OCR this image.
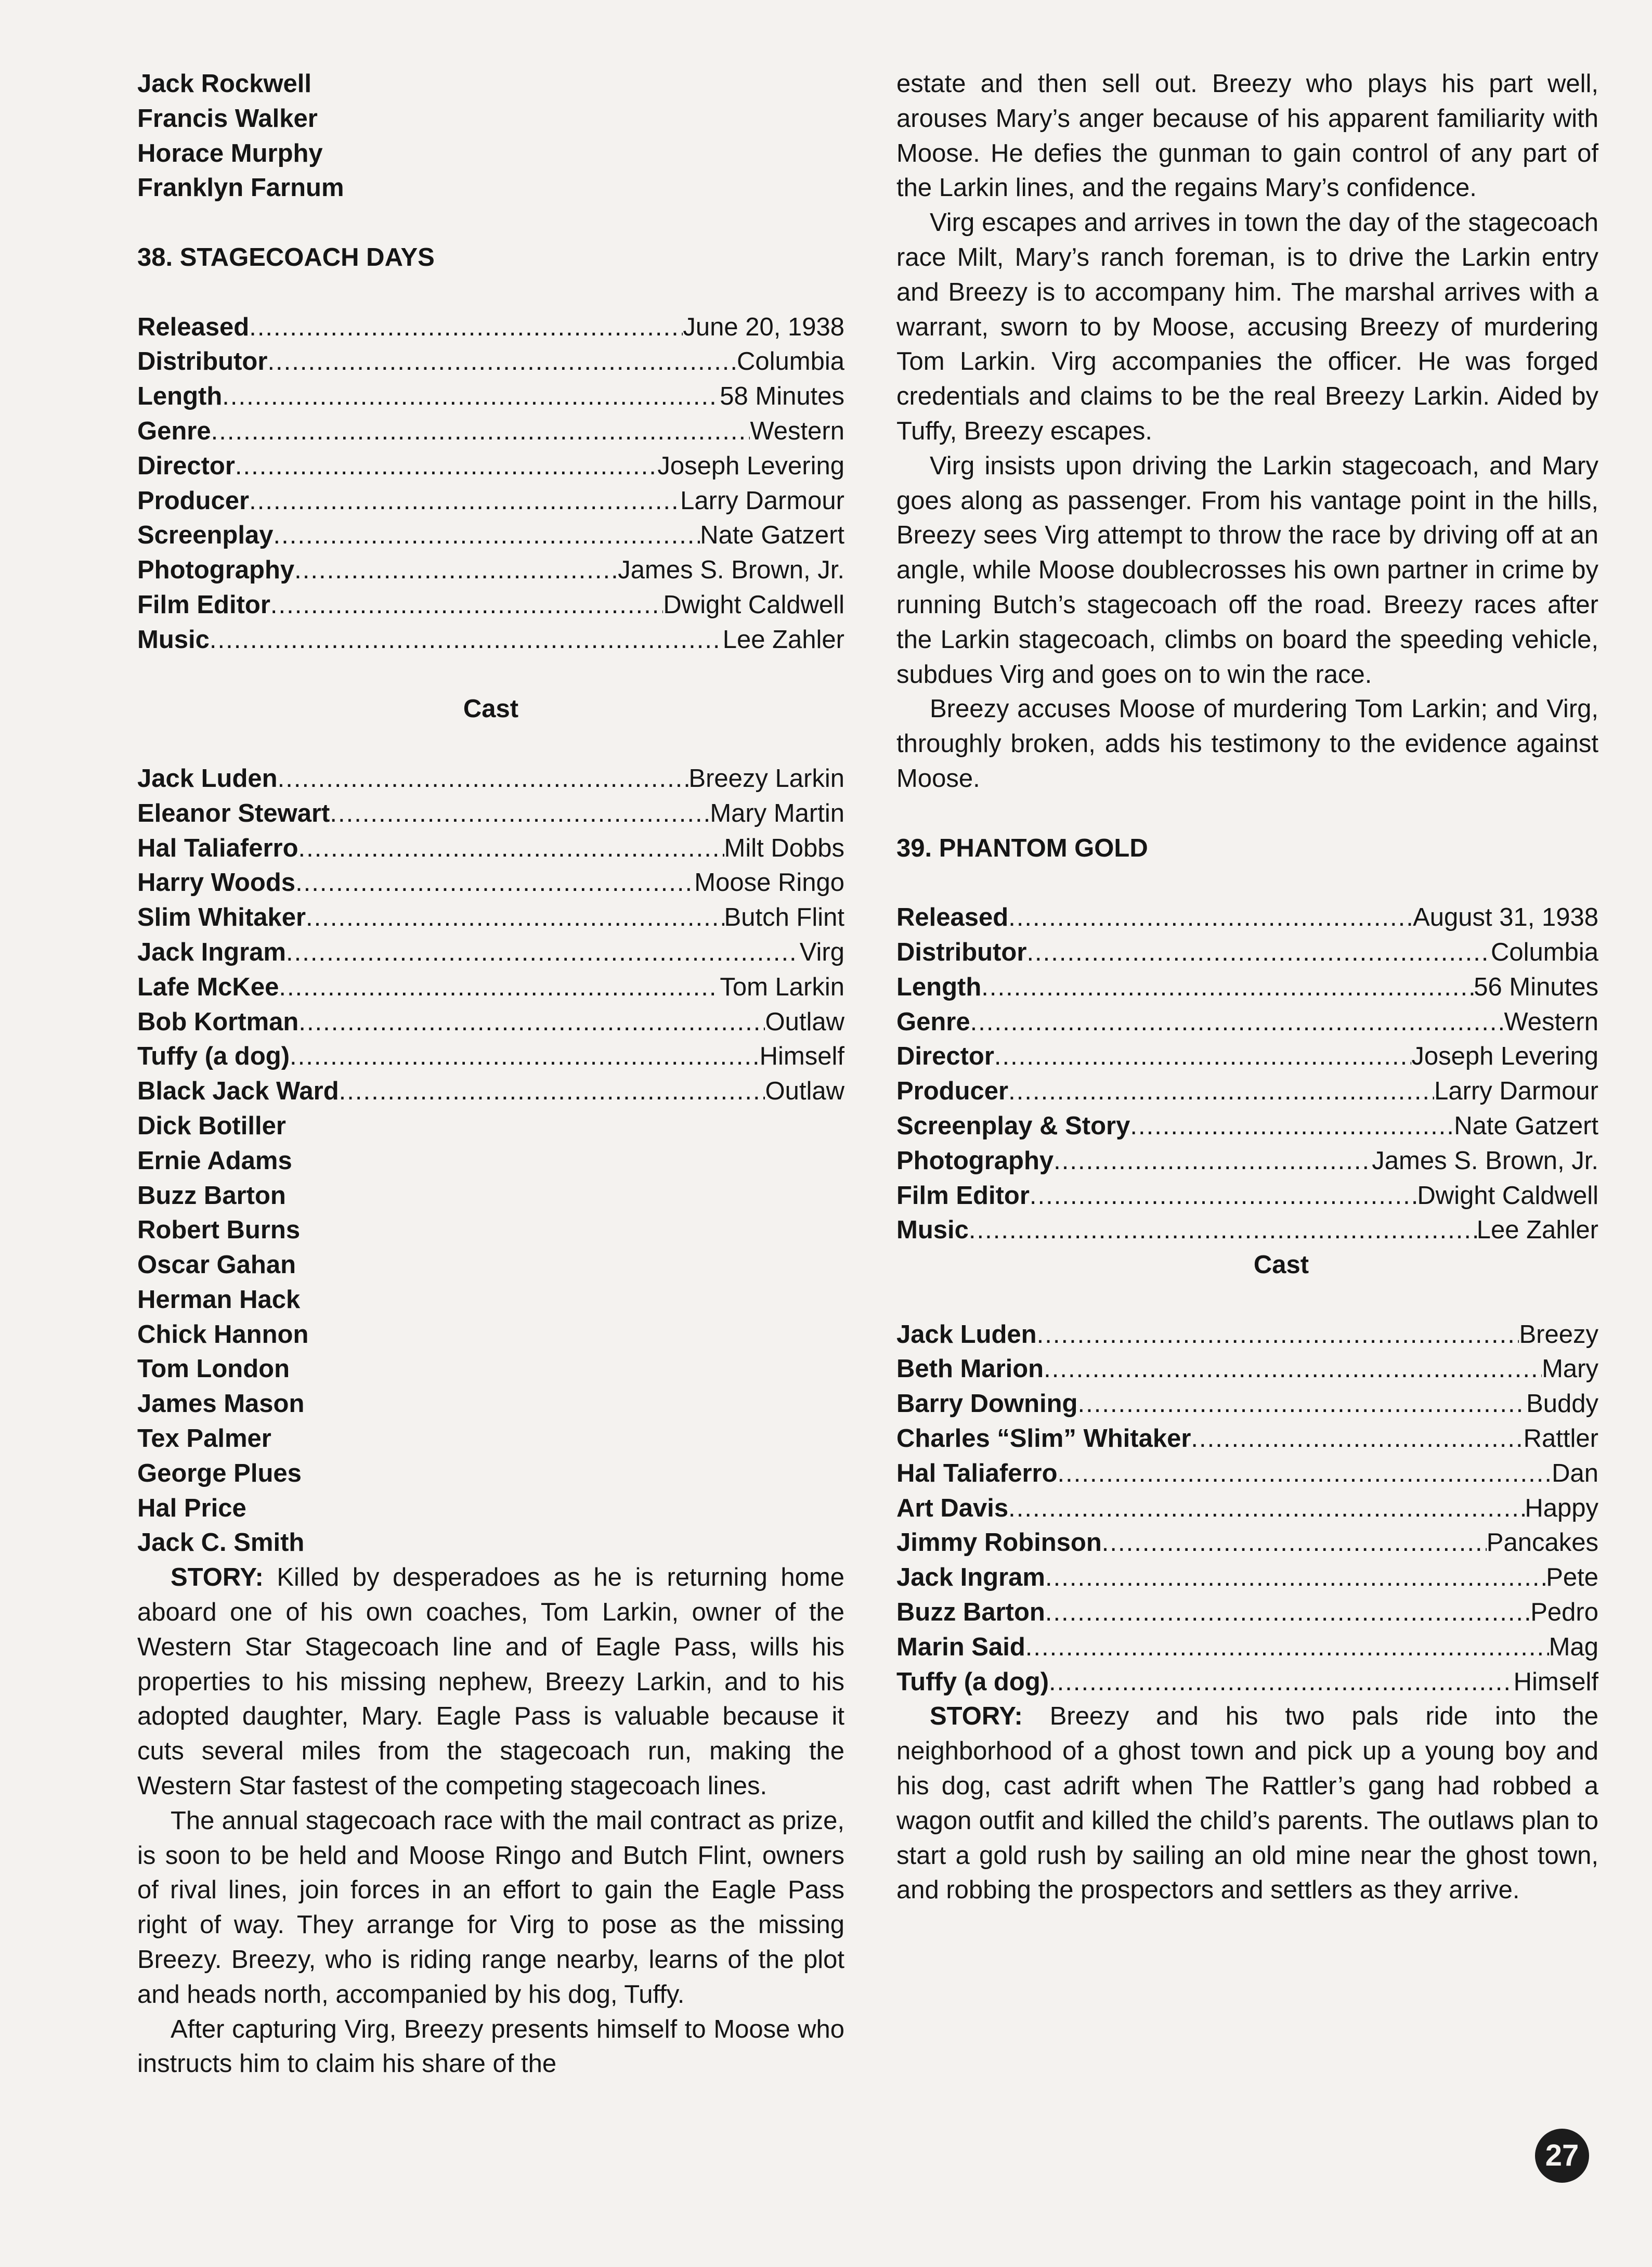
Jack Rockwell
Francis Walker
Horace Murphy
Franklyn Farnum
38. STAGECOACH DAYS
Released .....	June 20, 1938
Distributor .....	Columbia
Length .....	58 Minutes
Genre .....	Western
Director .....	Joseph Levering
Producer .....	Larry Darmour
Screenplay .....	Nate Gatzert
Photography .....	James S. Brown, Jr.
Film Editor .....	Dwight Caldwell
Music .....	Lee Zahler
Cast
Jack Luden .....	Breezy Larkin
Eleanor Stewart .....	Mary Martin
Hal Taliaferro .....	Milt Dobbs
Harry Woods .....	Moose Ringo
Slim Whitaker .....	Butch Flint
Jack Ingram .....	Virg
Lafe McKee .....	Tom Larkin
Bob Kortman .....	Outlaw
Tuffy (a dog) .....	Himself
Black Jack Ward .....	Outlaw
Dick Botiller
Ernie Adams
Buzz Barton
Robert Burns
Oscar Gahan
Herman Hack
Chick Hannon
Tom London
James Mason
Tex Palmer
George Plues
Hal Price
Jack C. Smith

STORY: Killed by desperadoes as he is returning home aboard one of his own coaches, Tom Larkin, owner of the Western Star Stagecoach line and of Eagle Pass, wills his properties to his missing nephew, Breezy Larkin, and to his adopted daughter, Mary. Eagle Pass is valuable because it cuts several miles from the stagecoach run, making the Western Star fastest of the competing stagecoach lines.

The annual stagecoach race with the mail contract as prize, is soon to be held and Moose Ringo and Butch Flint, owners of rival lines, join forces in an effort to gain the Eagle Pass right of way. They arrange for Virg to pose as the missing Breezy. Breezy, who is riding range nearby, learns of the plot and heads north, accompanied by his dog, Tuffy.

After capturing Virg, Breezy presents himself to Moose who instructs him to claim his share of the

estate and then sell out. Breezy who plays his part well, arouses Mary’s anger because of his apparent familiarity with Moose. He defies the gunman to gain control of any part of the Larkin lines, and the regains Mary’s confidence.

Virg escapes and arrives in town the day of the stagecoach race Milt, Mary’s ranch foreman, is to drive the Larkin entry and Breezy is to accompany him. The marshal arrives with a warrant, sworn to by Moose, accusing Breezy of murdering Tom Larkin. Virg accompanies the officer. He was forged credentials and claims to be the real Breezy Larkin. Aided by Tuffy, Breezy escapes.

Virg insists upon driving the Larkin stagecoach, and Mary goes along as passenger. From his vantage point in the hills, Breezy sees Virg attempt to throw the race by driving off at an angle, while Moose doublecrosses his own partner in crime by running Butch’s stagecoach off the road. Breezy races after the Larkin stagecoach, climbs on board the speeding vehicle, subdues Virg and goes on to win the race.

Breezy accuses Moose of murdering Tom Larkin; and Virg, throughly broken, adds his testimony to the evidence against Moose.

39. PHANTOM GOLD
Released .....	August 31, 1938
Distributor .....	Columbia
Length .....	56 Minutes
Genre .....	Western
Director .....	Joseph Levering
Producer .....	Larry Darmour
Screenplay & Story .....	Nate Gatzert
Photography .....	James S. Brown, Jr.
Film Editor .....	Dwight Caldwell
Music .....	Lee Zahler
Cast
Jack Luden .....	Breezy
Beth Marion .....	Mary
Barry Downing .....	Buddy
Charles “Slim” Whitaker .....	Rattler
Hal Taliaferro .....	Dan
Art Davis .....	Happy
Jimmy Robinson .....	Pancakes
Jack Ingram .....	Pete
Buzz Barton .....	Pedro
Marin Said .....	Mag
Tuffy (a dog) .....	Himself

STORY: Breezy and his two pals ride into the neighborhood of a ghost town and pick up a young boy and his dog, cast adrift when The Rattler’s gang had robbed a wagon outfit and killed the child’s parents. The outlaws plan to start a gold rush by sailing an old mine near the ghost town, and robbing the prospectors and settlers as they arrive.

27
